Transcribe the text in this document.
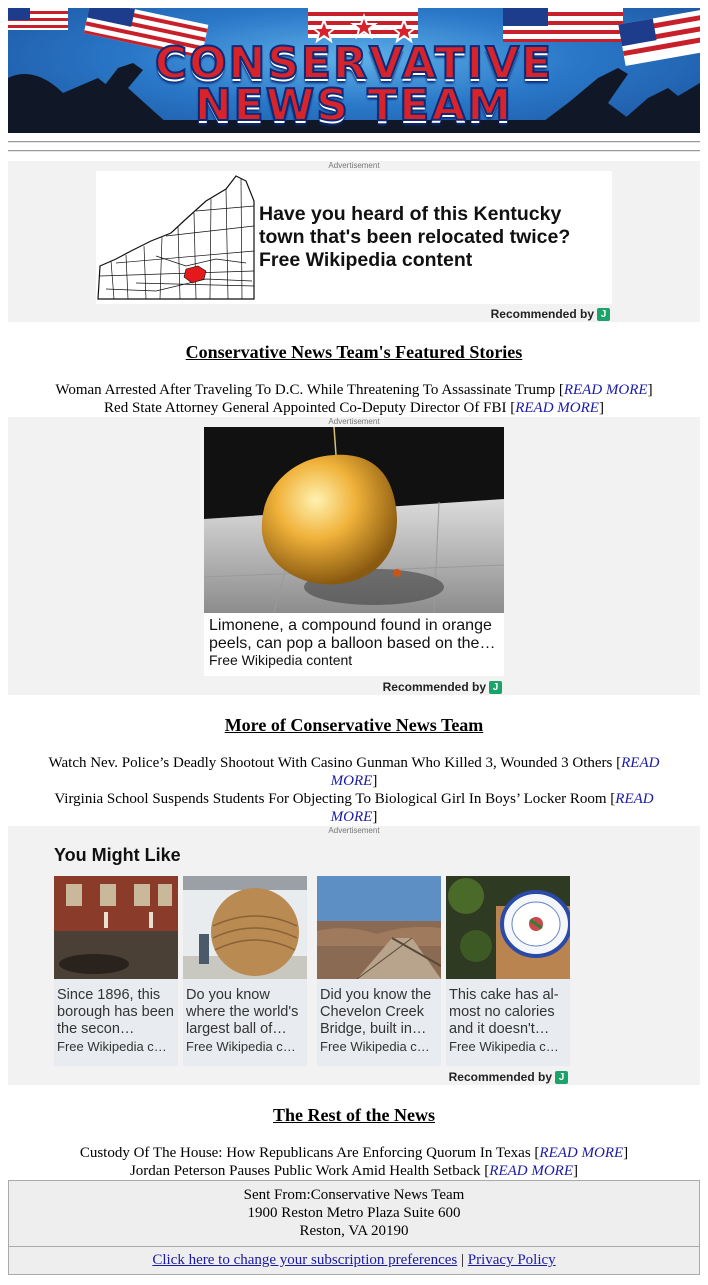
CONSERVATIVE
NEWS TEAM
Advertisement
Have you heard of this Kentucky town that's been relocated twice?
Free Wikipedia content
Recommended by J
Conservative News Team's Featured Stories
Woman Arrested After Traveling To D.C. While Threatening To Assassinate Trump [READ MORE]
Red State Attorney General Appointed Co-Deputy Director Of FBI [READ MORE]
Advertisement
Limonene, a compound found in orange peels, can pop a balloon based on the…
Free Wikipedia content
Recommended by J
More of Conservative News Team
Watch Nev. Police’s Deadly Shootout With Casino Gunman Who Killed 3, Wounded 3 Others [READ
MORE]
Virginia School Suspends Students For Objecting To Biological Girl In Boys’ Locker Room [READ
MORE]
Advertisement
You Might Like
Recommended by J
Since 1896, this borough has been the secon…
Free Wikipedia c…
Do you know where the world's largest ball of…
Free Wikipedia c…
Did you know the Chevelon Creek Bridge, built in…
Free Wikipedia c…
This cake has al-most no calories and it doesn't…
Free Wikipedia c…
The Rest of the News
Custody Of The House: How Republicans Are Enforcing Quorum In Texas [READ MORE]
Jordan Peterson Pauses Public Work Amid Health Setback [READ MORE]
Sent From:Conservative News Team
1900 Reston Metro Plaza Suite 600
Reston, VA 20190
Click here to change your subscription preferences | Privacy Policy
